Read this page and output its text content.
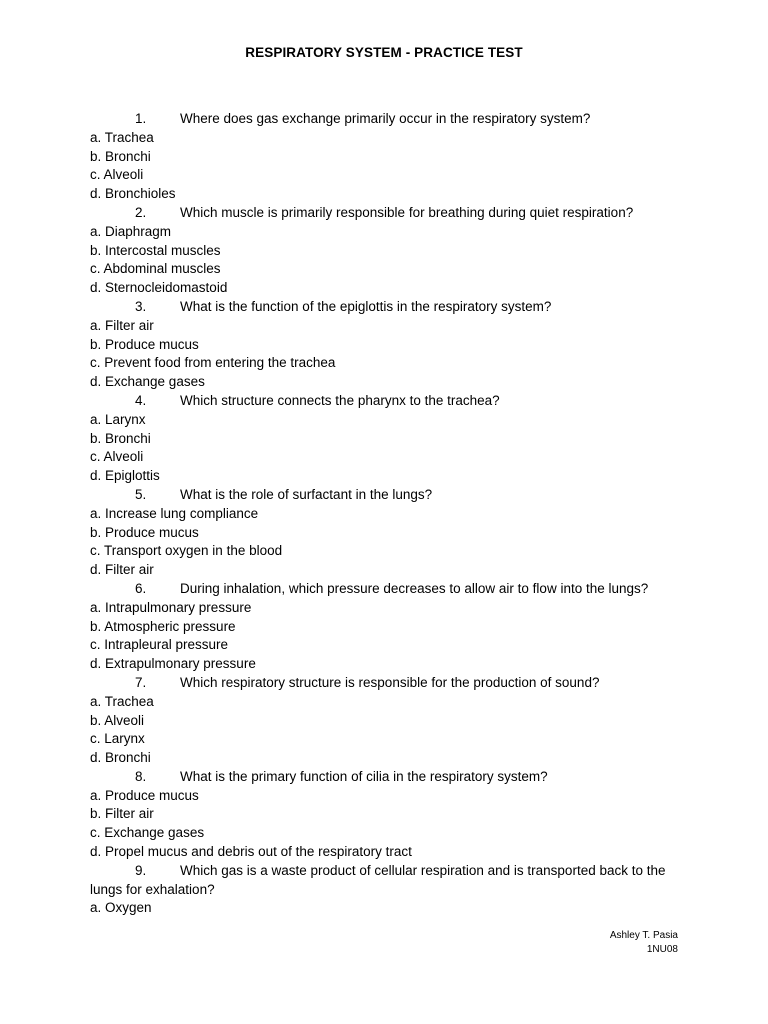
RESPIRATORY SYSTEM - PRACTICE TEST
1. Where does gas exchange primarily occur in the respiratory system?
a. Trachea
b. Bronchi
c. Alveoli
d. Bronchioles
2. Which muscle is primarily responsible for breathing during quiet respiration?
a. Diaphragm
b. Intercostal muscles
c. Abdominal muscles
d. Sternocleidomastoid
3. What is the function of the epiglottis in the respiratory system?
a. Filter air
b. Produce mucus
c. Prevent food from entering the trachea
d. Exchange gases
4. Which structure connects the pharynx to the trachea?
a. Larynx
b. Bronchi
c. Alveoli
d. Epiglottis
5. What is the role of surfactant in the lungs?
a. Increase lung compliance
b. Produce mucus
c. Transport oxygen in the blood
d. Filter air
6. During inhalation, which pressure decreases to allow air to flow into the lungs?
a. Intrapulmonary pressure
b. Atmospheric pressure
c. Intrapleural pressure
d. Extrapulmonary pressure
7. Which respiratory structure is responsible for the production of sound?
a. Trachea
b. Alveoli
c. Larynx
d. Bronchi
8. What is the primary function of cilia in the respiratory system?
a. Produce mucus
b. Filter air
c. Exchange gases
d. Propel mucus and debris out of the respiratory tract
9. Which gas is a waste product of cellular respiration and is transported back to the
lungs for exhalation?
a. Oxygen
Ashley T. Pasia
1NU08
